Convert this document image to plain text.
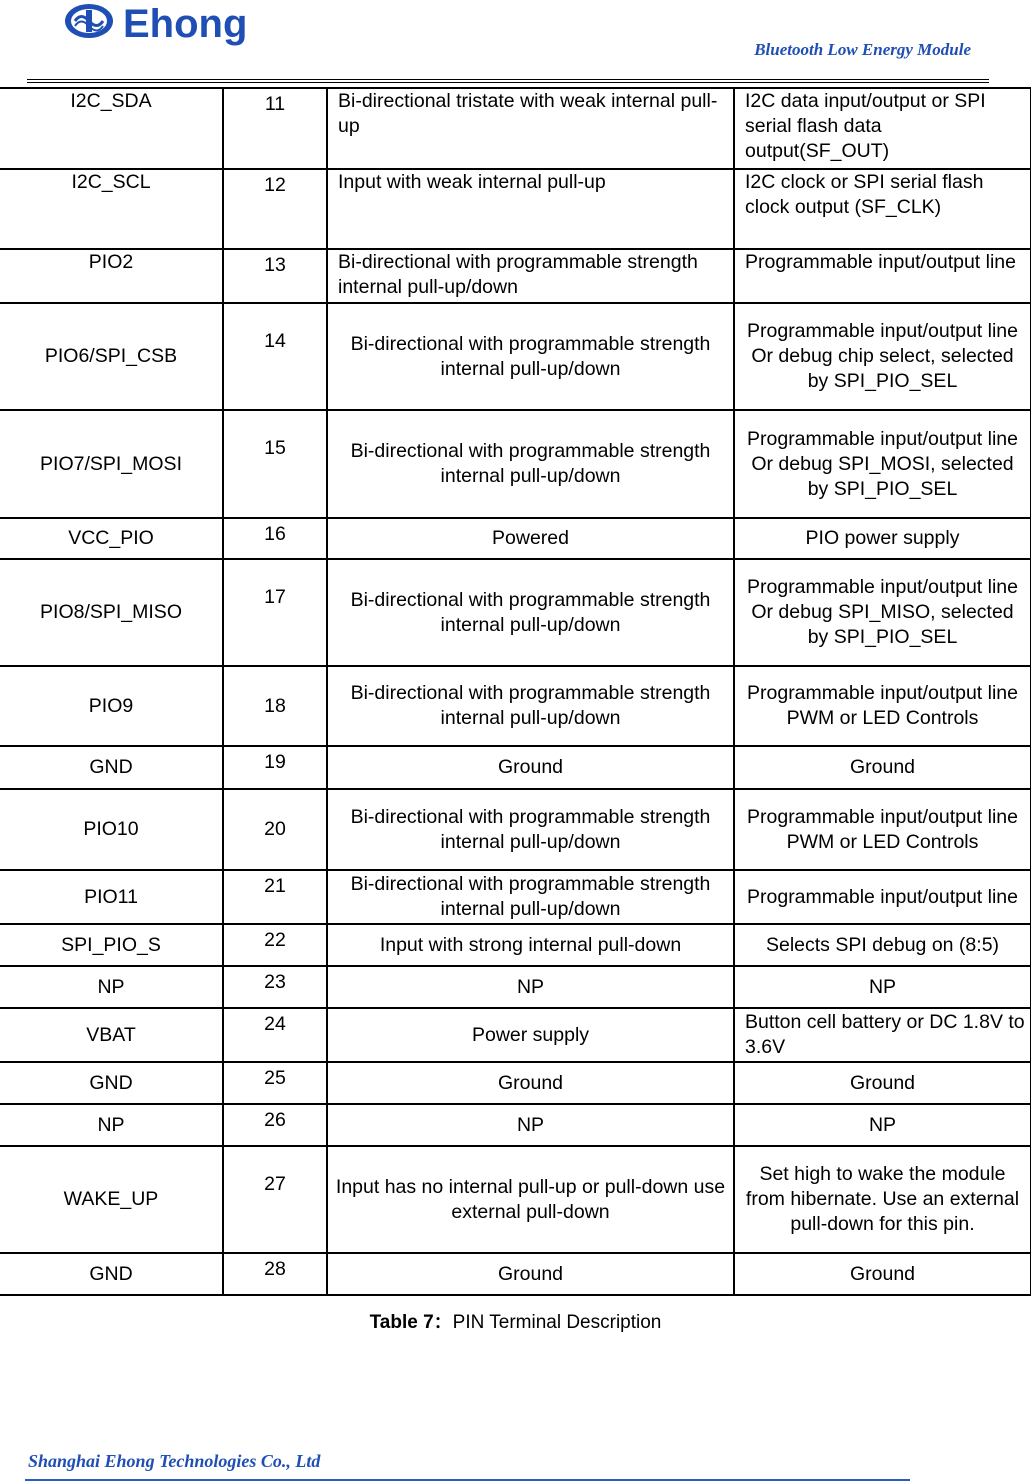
Ehong
Bluetooth Low Energy Module
I2C_SDA	11	Bi-directional tristate with weak internal pull-up	I2C data input/output or SPI serial flash data output(SF_OUT)
I2C_SCL	12	Input with weak internal pull-up	I2C clock or SPI serial flash clock output (SF_CLK)
PIO2	13	Bi-directional with programmable strength internal pull-up/down	Programmable input/output line
PIO6/SPI_CSB	14	Bi-directional with programmable strength internal pull-up/down	Programmable input/output line Or debug chip select, selected by SPI_PIO_SEL
PIO7/SPI_MOSI	15	Bi-directional with programmable strength internal pull-up/down	Programmable input/output line Or debug SPI_MOSI, selected by SPI_PIO_SEL
VCC_PIO	16	Powered	PIO power supply
PIO8/SPI_MISO	17	Bi-directional with programmable strength internal pull-up/down	Programmable input/output line Or debug SPI_MISO, selected by SPI_PIO_SEL
PIO9	18	Bi-directional with programmable strength internal pull-up/down	Programmable input/output line PWM or LED Controls
GND	19	Ground	Ground
PIO10	20	Bi-directional with programmable strength internal pull-up/down	Programmable input/output line PWM or LED Controls
PIO11	21	Bi-directional with programmable strength internal pull-up/down	Programmable input/output line
SPI_PIO_S	22	Input with strong internal pull-down	Selects SPI debug on (8:5)
NP	23	NP	NP
VBAT	24	Power supply	Button cell battery or DC 1.8V to 3.6V
GND	25	Ground	Ground
NP	26	NP	NP
WAKE_UP	27	Input has no internal pull-up or pull-down use external pull-down	Set high to wake the module from hibernate. Use an external pull-down for this pin.
GND	28	Ground	Ground
Table 7：PIN Terminal Description
Shanghai Ehong Technologies Co., Ltd
